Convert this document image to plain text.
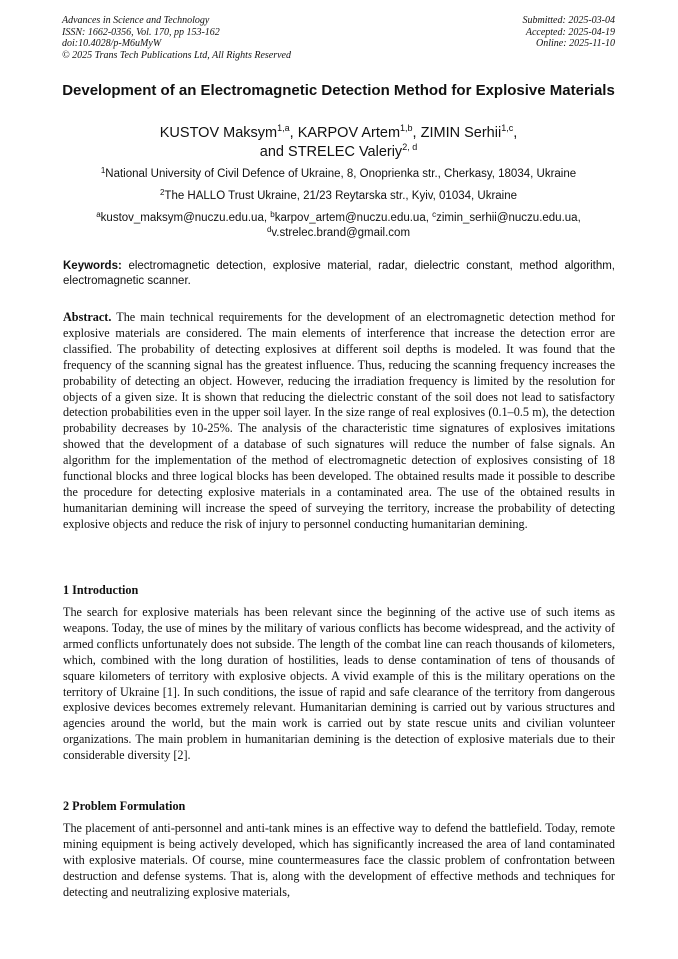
Advances in Science and Technology
ISSN: 1662-0356, Vol. 170, pp 153-162
doi:10.4028/p-M6uMyW
© 2025 Trans Tech Publications Ltd, All Rights Reserved
Submitted: 2025-03-04
Accepted: 2025-04-19
Online: 2025-11-10
Development of an Electromagnetic Detection Method for Explosive Materials
KUSTOV Maksym$^{1,a}$, KARPOV Artem$^{1,b}$, ZIMIN Serhii$^{1,c}$,
and STRELEC Valeriy$^{2, d}$
$^1$National University of Civil Defence of Ukraine, 8, Onoprienka str., Cherkasy, 18034, Ukraine
$^2$The HALLO Trust Ukraine, 21/23 Reytarska str., Kyiv, 01034, Ukraine
$^a$kustov_maksym@nuczu.edu.ua, $^b$karpov_artem@nuczu.edu.ua, $^c$zimin_serhii@nuczu.edu.ua,
$^d$v.strelec.brand@gmail.com
Keywords: electromagnetic detection, explosive material, radar, dielectric constant, method algorithm, electromagnetic scanner.
Abstract. The main technical requirements for the development of an electromagnetic detection method for explosive materials are considered. The main elements of interference that increase the detection error are classified. The probability of detecting explosives at different soil depths is modeled. It was found that the frequency of the scanning signal has the greatest influence. Thus, reducing the scanning frequency increases the probability of detecting an object. However, reducing the irradiation frequency is limited by the resolution for objects of a given size. It is shown that reducing the dielectric constant of the soil does not lead to satisfactory detection probabilities even in the upper soil layer. In the size range of real explosives (0.1–0.5 m), the detection probability decreases by 10-25%. The analysis of the characteristic time signatures of explosives imitations showed that the development of a database of such signatures will reduce the number of false signals. An algorithm for the implementation of the method of electromagnetic detection of explosives consisting of 18 functional blocks and three logical blocks has been developed. The obtained results made it possible to describe the procedure for detecting explosive materials in a contaminated area. The use of the obtained results in humanitarian demining will increase the speed of surveying the territory, increase the probability of detecting explosive objects and reduce the risk of injury to personnel conducting humanitarian demining.
1 Introduction
The search for explosive materials has been relevant since the beginning of the active use of such items as weapons. Today, the use of mines by the military of various conflicts has become widespread, and the activity of armed conflicts unfortunately does not subside. The length of the combat line can reach thousands of kilometers, which, combined with the long duration of hostilities, leads to dense contamination of tens of thousands of square kilometers of territory with explosive objects. A vivid example of this is the military operations on the territory of Ukraine [1]. In such conditions, the issue of rapid and safe clearance of the territory from dangerous explosive devices becomes extremely relevant. Humanitarian demining is carried out by various structures and agencies around the world, but the main work is carried out by state rescue units and civilian volunteer organizations. The main problem in humanitarian demining is the detection of explosive materials due to their considerable diversity [2].
2 Problem Formulation
The placement of anti-personnel and anti-tank mines is an effective way to defend the battlefield. Today, remote mining equipment is being actively developed, which has significantly increased the area of land contaminated with explosive materials. Of course, mine countermeasures face the classic problem of confrontation between destruction and defense systems. That is, along with the development of effective methods and techniques for detecting and neutralizing explosive materials,
